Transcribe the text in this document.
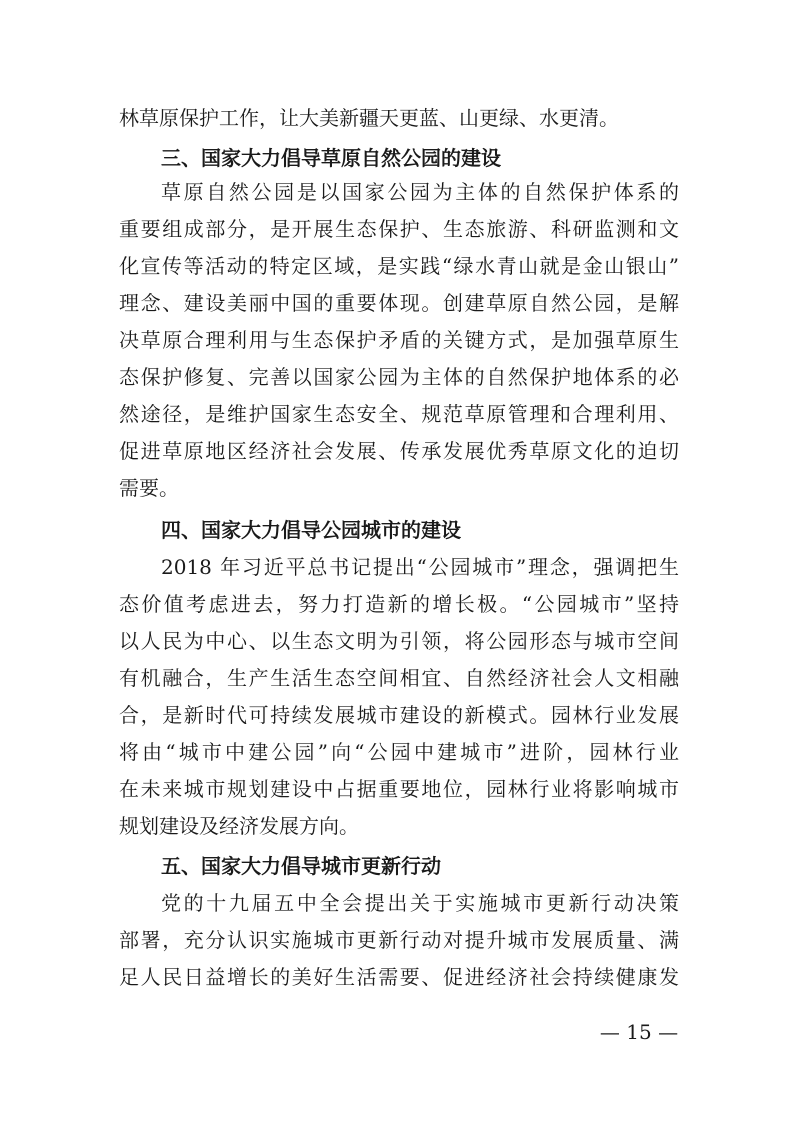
林草原保护工作，让大美新疆天更蓝、山更绿、水更清。
三、国家大力倡导草原自然公园的建设
草原自然公园是以国家公园为主体的自然保护体系的
重要组成部分，是开展生态保护、生态旅游、科研监测和文
化宣传等活动的特定区域，是实践“绿水青山就是金山银山”
理念、建设美丽中国的重要体现。创建草原自然公园，是解
决草原合理利用与生态保护矛盾的关键方式，是加强草原生
态保护修复、完善以国家公园为主体的自然保护地体系的必
然途径，是维护国家生态安全、规范草原管理和合理利用、
促进草原地区经济社会发展、传承发展优秀草原文化的迫切
需要。
四、国家大力倡导公园城市的建设
2018 年习近平总书记提出“公园城市”理念，强调把生
态价值考虑进去，努力打造新的增长极。“公园城市”坚持
以人民为中心、以生态文明为引领，将公园形态与城市空间
有机融合，生产生活生态空间相宜、自然经济社会人文相融
合，是新时代可持续发展城市建设的新模式。园林行业发展
将由“城市中建公园”向“公园中建城市”进阶，园林行业
在未来城市规划建设中占据重要地位，园林行业将影响城市
规划建设及经济发展方向。
五、国家大力倡导城市更新行动
党的十九届五中全会提出关于实施城市更新行动决策
部署，充分认识实施城市更新行动对提升城市发展质量、满
足人民日益增长的美好生活需要、促进经济社会持续健康发
— 15 —
